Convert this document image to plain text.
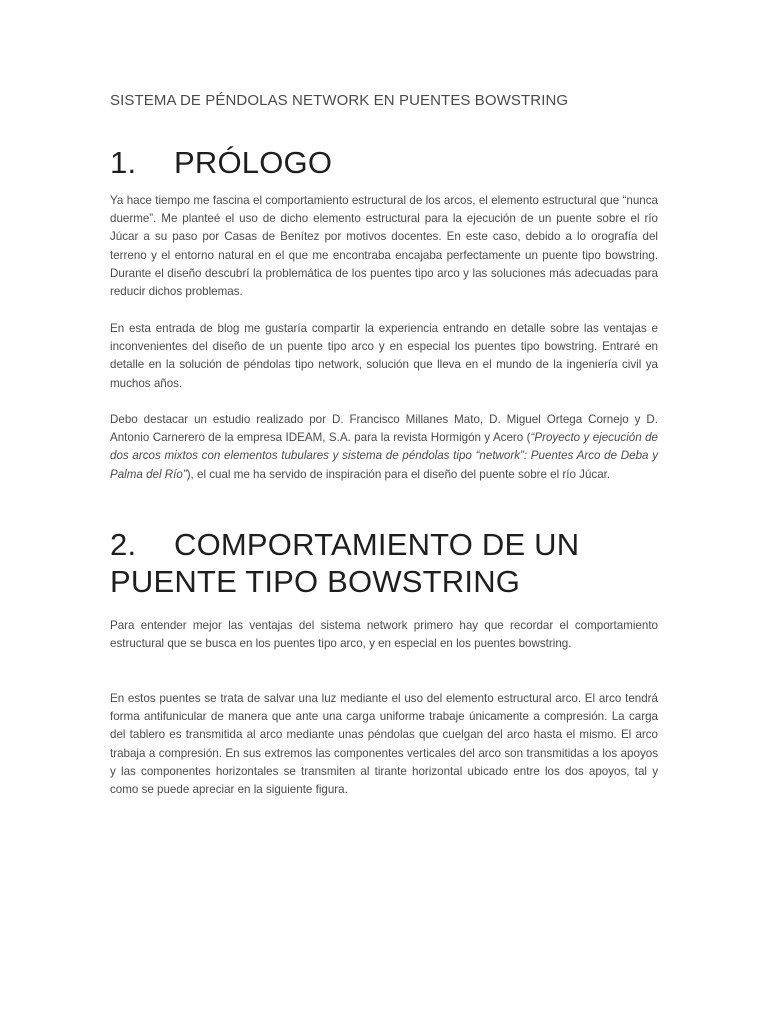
SISTEMA DE PÉNDOLAS NETWORK EN PUENTES BOWSTRING
1. PRÓLOGO

Ya hace tiempo me fascina el comportamiento estructural de los arcos, el elemento estructural que “nunca duerme”. Me planteé el uso de dicho elemento estructural para la ejecución de un puente sobre el río Júcar a su paso por Casas de Benítez por motivos docentes. En este caso, debido a lo orografía del terreno y el entorno natural en el que me encontraba encajaba perfectamente un puente tipo bowstring. Durante el diseño descubrí la problemática de los puentes tipo arco y las soluciones más adecuadas para reducir dichos problemas.

En esta entrada de blog me gustaría compartir la experiencia entrando en detalle sobre las ventajas e inconvenientes del diseño de un puente tipo arco y en especial los puentes tipo bowstring. Entraré en detalle en la solución de péndolas tipo network, solución que lleva en el mundo de la ingeniería civil ya muchos años.

Debo destacar un estudio realizado por D. Francisco Millanes Mato, D. Miguel Ortega Cornejo y D. Antonio Carnerero de la empresa IDEAM, S.A. para la revista Hormigón y Acero (“Proyecto y ejecución de dos arcos mixtos con elementos tubulares y sistema de péndolas tipo “network”: Puentes Arco de Deba y Palma del Río”), el cual me ha servido de inspiración para el diseño del puente sobre el río Júcar.

2. COMPORTAMIENTO DE UN
PUENTE TIPO BOWSTRING

Para entender mejor las ventajas del sistema network primero hay que recordar el comportamiento estructural que se busca en los puentes tipo arco, y en especial en los puentes bowstring.

En estos puentes se trata de salvar una luz mediante el uso del elemento estructural arco. El arco tendrá forma antifunicular de manera que ante una carga uniforme trabaje únicamente a compresión. La carga del tablero es transmitida al arco mediante unas péndolas que cuelgan del arco hasta el mismo. El arco trabaja a compresión. En sus extremos las componentes verticales del arco son transmitidas a los apoyos y las componentes horizontales se transmiten al tirante horizontal ubicado entre los dos apoyos, tal y como se puede apreciar en la siguiente figura.
